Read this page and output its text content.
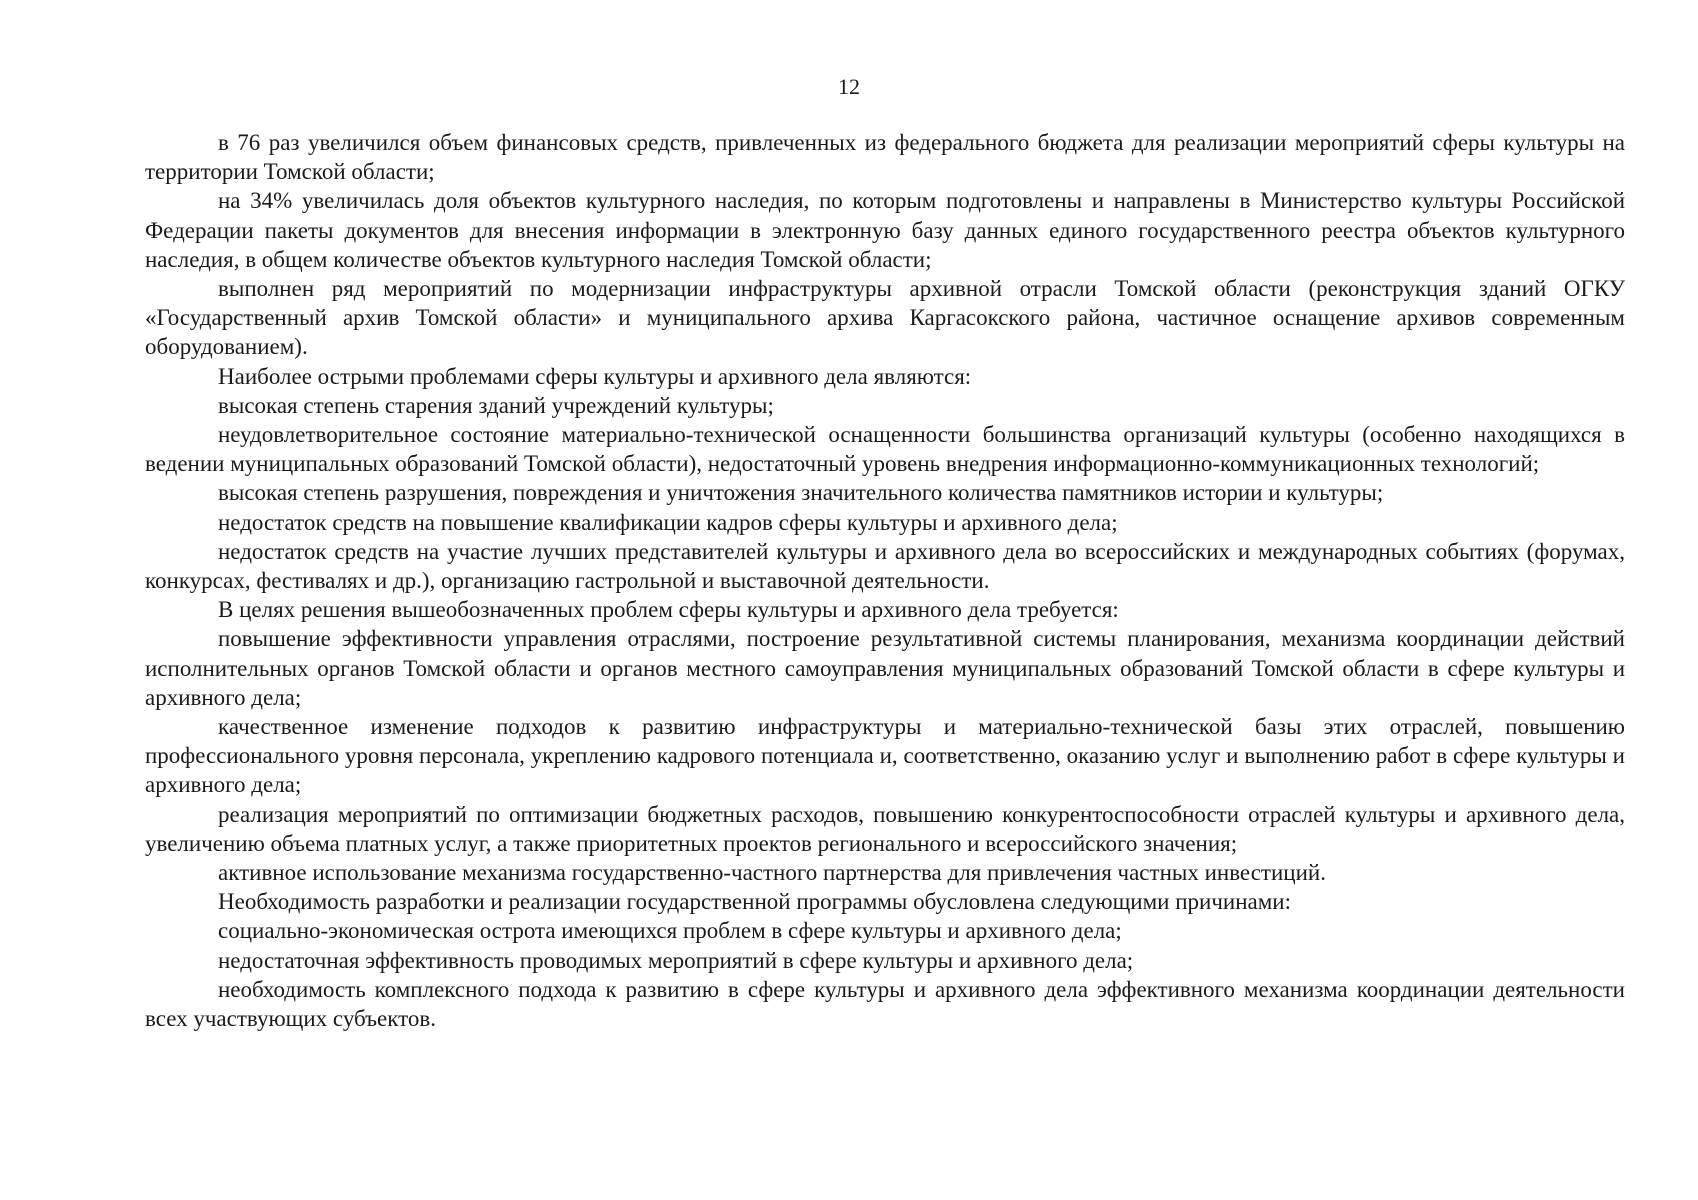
12

в 76 раз увеличился объем финансовых средств, привлеченных из федерального бюджета для реализации мероприятий сферы культуры на территории Томской области;

на 34% увеличилась доля объектов культурного наследия, по которым подготовлены и направлены в Министерство культуры Российской Федерации пакеты документов для внесения информации в электронную базу данных единого государственного реестра объектов культурного наследия, в общем количестве объектов культурного наследия Томской области;

выполнен ряд мероприятий по модернизации инфраструктуры архивной отрасли Томской области (реконструкция зданий ОГКУ «Государственный архив Томской области» и муниципального архива Каргасокского района, частичное оснащение архивов современным оборудованием).

Наиболее острыми проблемами сферы культуры и архивного дела являются:

высокая степень старения зданий учреждений культуры;

неудовлетворительное состояние материально-технической оснащенности большинства организаций культуры (особенно находящихся в ведении муниципальных образований Томской области), недостаточный уровень внедрения информационно-коммуникационных технологий;

высокая степень разрушения, повреждения и уничтожения значительного количества памятников истории и культуры;

недостаток средств на повышение квалификации кадров сферы культуры и архивного дела;

недостаток средств на участие лучших представителей культуры и архивного дела во всероссийских и международных событиях (форумах, конкурсах, фестивалях и др.), организацию гастрольной и выставочной деятельности.

В целях решения вышеобозначенных проблем сферы культуры и архивного дела требуется:

повышение эффективности управления отраслями, построение результативной системы планирования, механизма координации действий исполнительных органов Томской области и органов местного самоуправления муниципальных образований Томской области в сфере культуры и архивного дела;

качественное изменение подходов к развитию инфраструктуры и материально-технической базы этих отраслей, повышению профессионального уровня персонала, укреплению кадрового потенциала и, соответственно, оказанию услуг и выполнению работ в сфере культуры и архивного дела;

реализация мероприятий по оптимизации бюджетных расходов, повышению конкурентоспособности отраслей культуры и архивного дела, увеличению объема платных услуг, а также приоритетных проектов регионального и всероссийского значения;

активное использование механизма государственно-частного партнерства для привлечения частных инвестиций.

Необходимость разработки и реализации государственной программы обусловлена следующими причинами:

социально-экономическая острота имеющихся проблем в сфере культуры и архивного дела;

недостаточная эффективность проводимых мероприятий в сфере культуры и архивного дела;

необходимость комплексного подхода к развитию в сфере культуры и архивного дела эффективного механизма координации деятельности всех участвующих субъектов.
